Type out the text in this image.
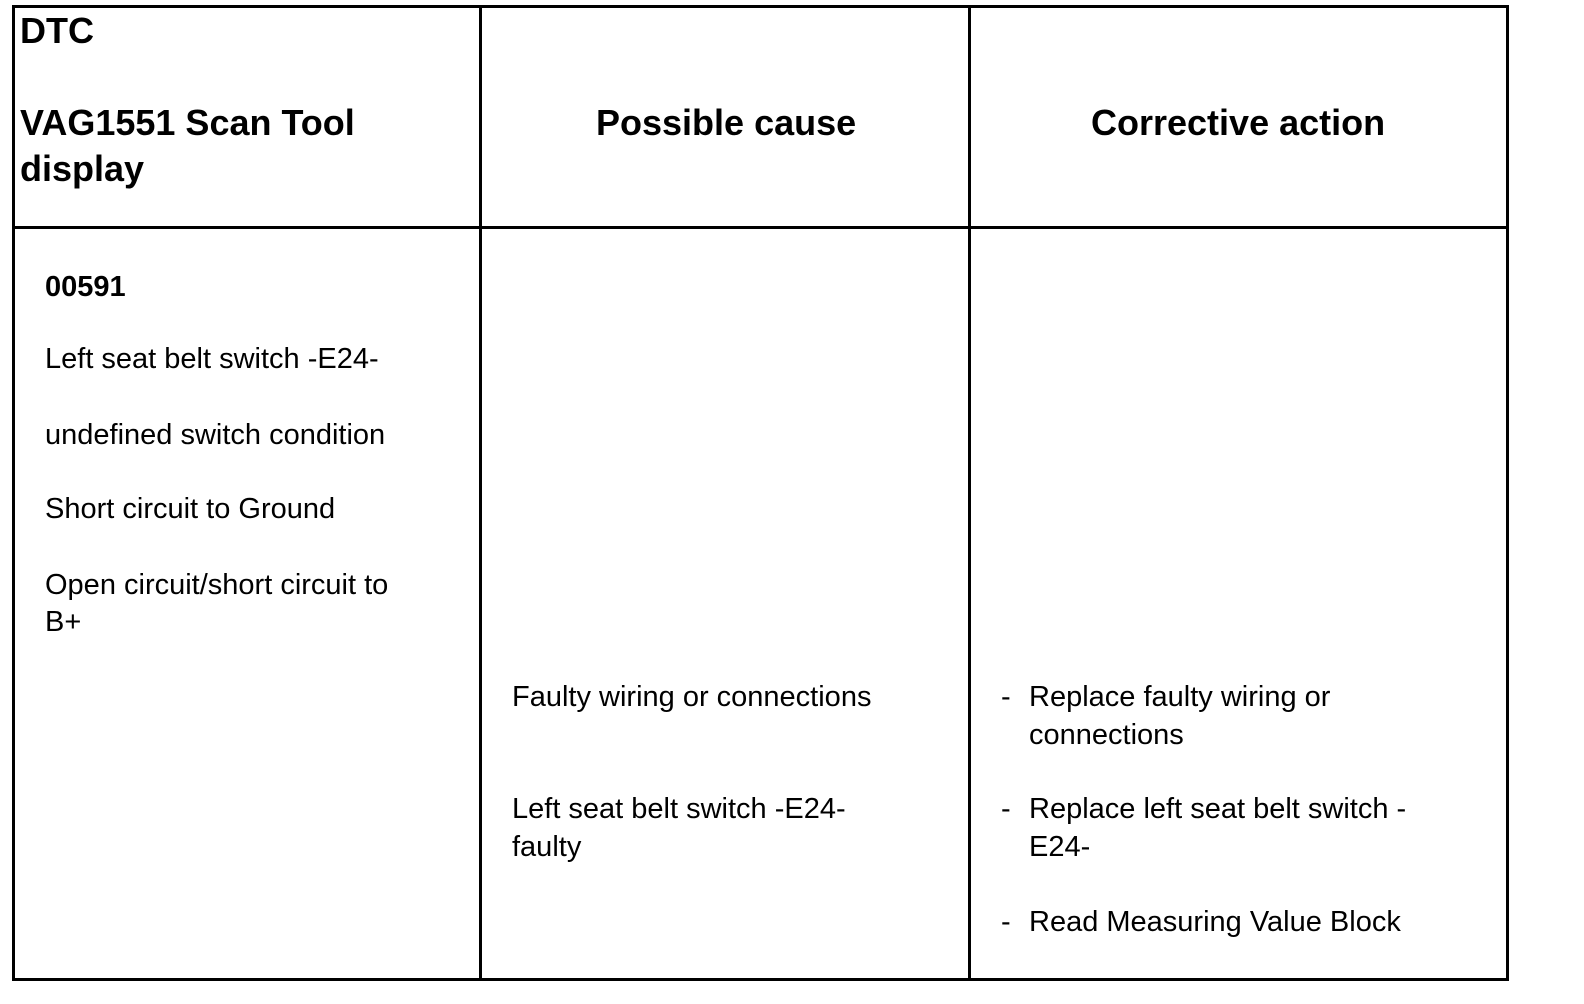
DTC
VAG1551 Scan Tool
display
Possible cause	Corrective action
00591
Left seat belt switch -E24-
undefined switch condition
Short circuit to Ground
Open circuit/short circuit to
B+
Faulty wiring or connections
Left seat belt switch -E24-
faulty
- Replace faulty wiring or
connections
- Replace left seat belt switch -
E24-
- Read Measuring Value Block
